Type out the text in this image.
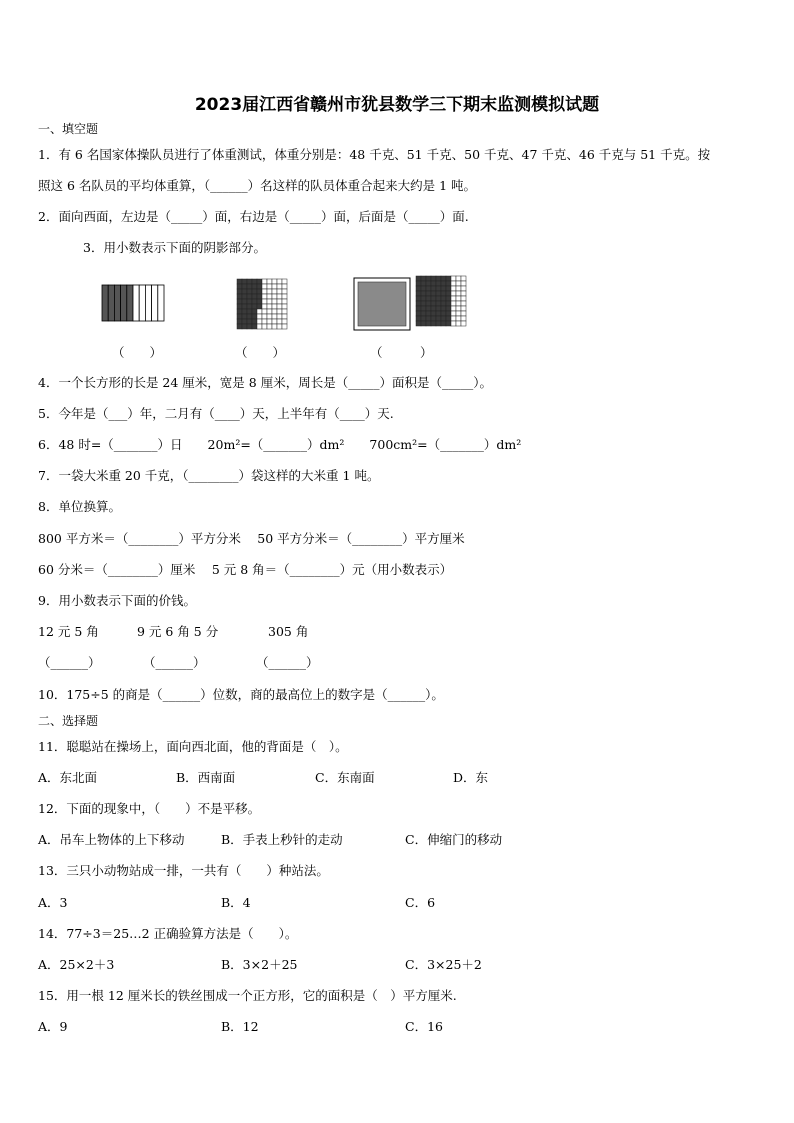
2023届江西省赣州市犹县数学三下期末监测模拟试题
一、填空题
1．有 6 名国家体操队员进行了体重测试，体重分别是：48 千克、51 千克、50 千克、47 千克、46 千克与 51 千克。按
照这 6 名队员的平均体重算，（______）名这样的队员体重合起来大约是 1 吨。
2．面向西面，左边是（_____）面，右边是（_____）面，后面是（_____）面.
3．用小数表示下面的阴影部分。
（　　）	（　　）	（　　　）
4．一个长方形的长是 24 厘米，宽是 8 厘米，周长是（_____）面积是（_____）。
5．今年是（___）年，二月有（____）天，上半年有（____）天.
6．48 时=（_______）日　　20m²=（_______）dm²　　700cm²=（_______）dm²
7．一袋大米重 20 千克，（________）袋这样的大米重 1 吨。
8．单位换算。
800 平方米＝（________）平方分米　 50 平方分米＝（________）平方厘米
60 分米＝（________）厘米　 5 元 8 角＝（________）元（用小数表示）
9．用小数表示下面的价钱。
12 元 5 角	9 元 6 角 5 分	305 角
（______）	（______）	（______）
10．175÷5 的商是（______）位数，商的最高位上的数字是（______）。
二、选择题
11．聪聪站在操场上，面向西北面，他的背面是（　）。
A．东北面	B．西南面	C．东南面	D．东
12．下面的现象中，（　　）不是平移。
A．吊车上物体的上下移动	B．手表上秒针的走动	C．伸缩门的移动
13．三只小动物站成一排，一共有（　　）种站法。
A．3	B．4	C．6
14．77÷3＝25…2 正确验算方法是（　　）。
A．25×2＋3	B．3×2＋25	C．3×25＋2
15．用一根 12 厘米长的铁丝围成一个正方形，它的面积是（　）平方厘米.
A．9	B．12	C．16
